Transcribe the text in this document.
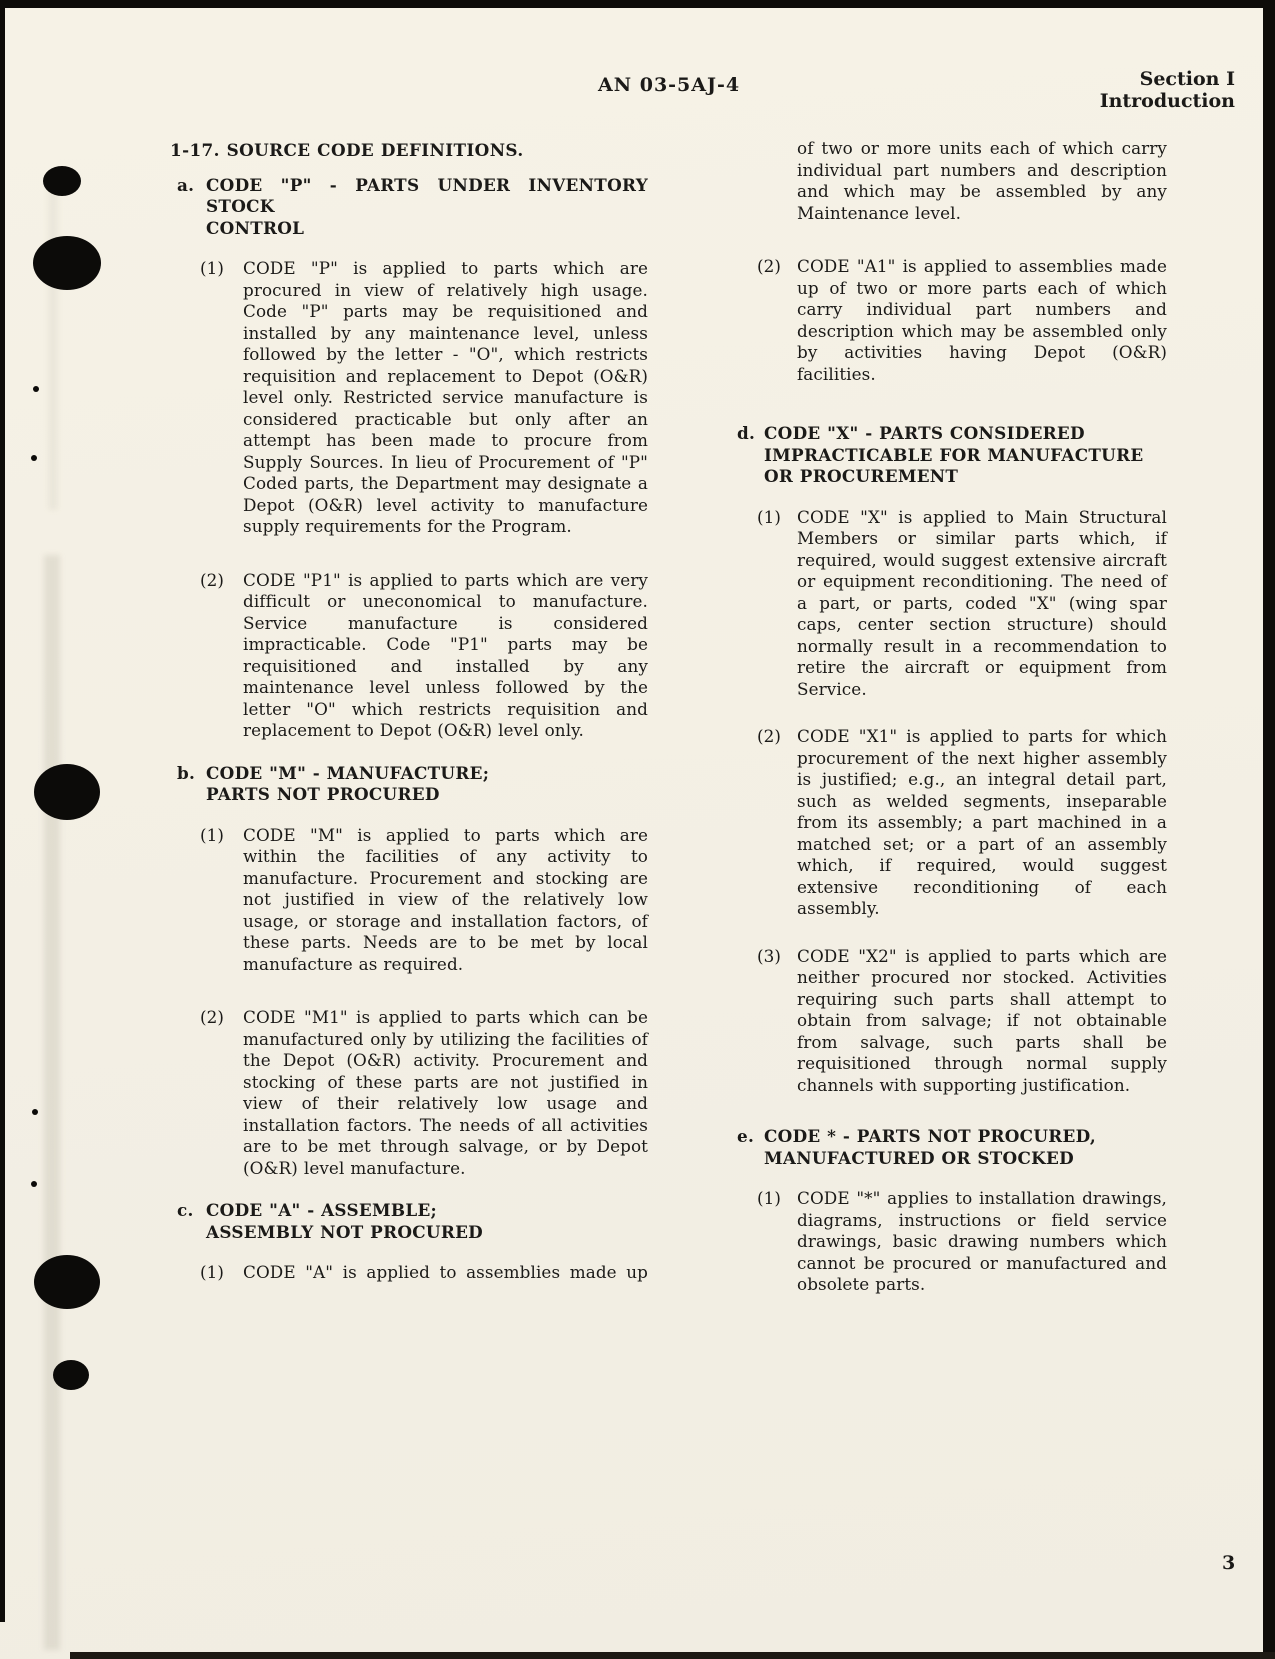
AN 03-5AJ-4	Section I
Introduction
1-17. SOURCE CODE DEFINITIONS.
a. CODE "P" - PARTS UNDER INVENTORY STOCK
CONTROL
(1)	CODE "P" is applied to parts which are procured in view of relatively high usage. Code "P" parts may be requisitioned and installed by any maintenance level, unless followed by the letter - "O", which restricts requisition and replacement to Depot (O&R) level only. Restricted service manufacture is considered practicable but only after an attempt has been made to procure from Supply Sources. In lieu of Procurement of "P" Coded parts, the Department may designate a Depot (O&R) level activity to manufacture supply requirements for the Program.
(2)	CODE "P1" is applied to parts which are very difficult or uneconomical to manufacture. Service manufacture is considered impracticable. Code "P1" parts may be requisitioned and installed by any maintenance level unless followed by the letter "O" which restricts requisition and replacement to Depot (O&R) level only.
b. CODE "M" - MANUFACTURE;
PARTS NOT PROCURED
(1)	CODE "M" is applied to parts which are within the facilities of any activity to manufacture. Procurement and stocking are not justified in view of the relatively low usage, or storage and installation factors, of these parts. Needs are to be met by local manufacture as required.
(2)	CODE "M1" is applied to parts which can be manufactured only by utilizing the facilities of the Depot (O&R) activity. Procurement and stocking of these parts are not justified in view of their relatively low usage and installation factors. The needs of all activities are to be met through salvage, or by Depot (O&R) level manufacture.
c. CODE "A" - ASSEMBLE;
ASSEMBLY NOT PROCURED
(1)	CODE "A" is applied to assemblies made up
of two or more units each of which carry individual part numbers and description and which may be assembled by any Maintenance level.
(2) CODE "A1" is applied to assemblies made up of two or more parts each of which carry individual part numbers and description which may be assembled only by activities having Depot (O&R) facilities.
d. CODE "X" - PARTS CONSIDERED
IMPRACTICABLE FOR MANUFACTURE
OR PROCUREMENT
(1) CODE "X" is applied to Main Structural Members or similar parts which, if required, would suggest extensive aircraft or equipment reconditioning. The need of a part, or parts, coded "X" (wing spar caps, center section structure) should normally result in a recommendation to retire the aircraft or equipment from Service.
(2) CODE "X1" is applied to parts for which procurement of the next higher assembly is justified; e.g., an integral detail part, such as welded segments, inseparable from its assembly; a part machined in a matched set; or a part of an assembly which, if required, would suggest extensive reconditioning of each assembly.
(3) CODE "X2" is applied to parts which are neither procured nor stocked. Activities requiring such parts shall attempt to obtain from salvage; if not obtainable from salvage, such parts shall be requisitioned through normal supply channels with supporting justification.
e. CODE * - PARTS NOT PROCURED,
MANUFACTURED OR STOCKED
(1) CODE "*" applies to installation drawings, diagrams, instructions or field service drawings, basic drawing numbers which cannot be procured or manufactured and obsolete parts.
3
